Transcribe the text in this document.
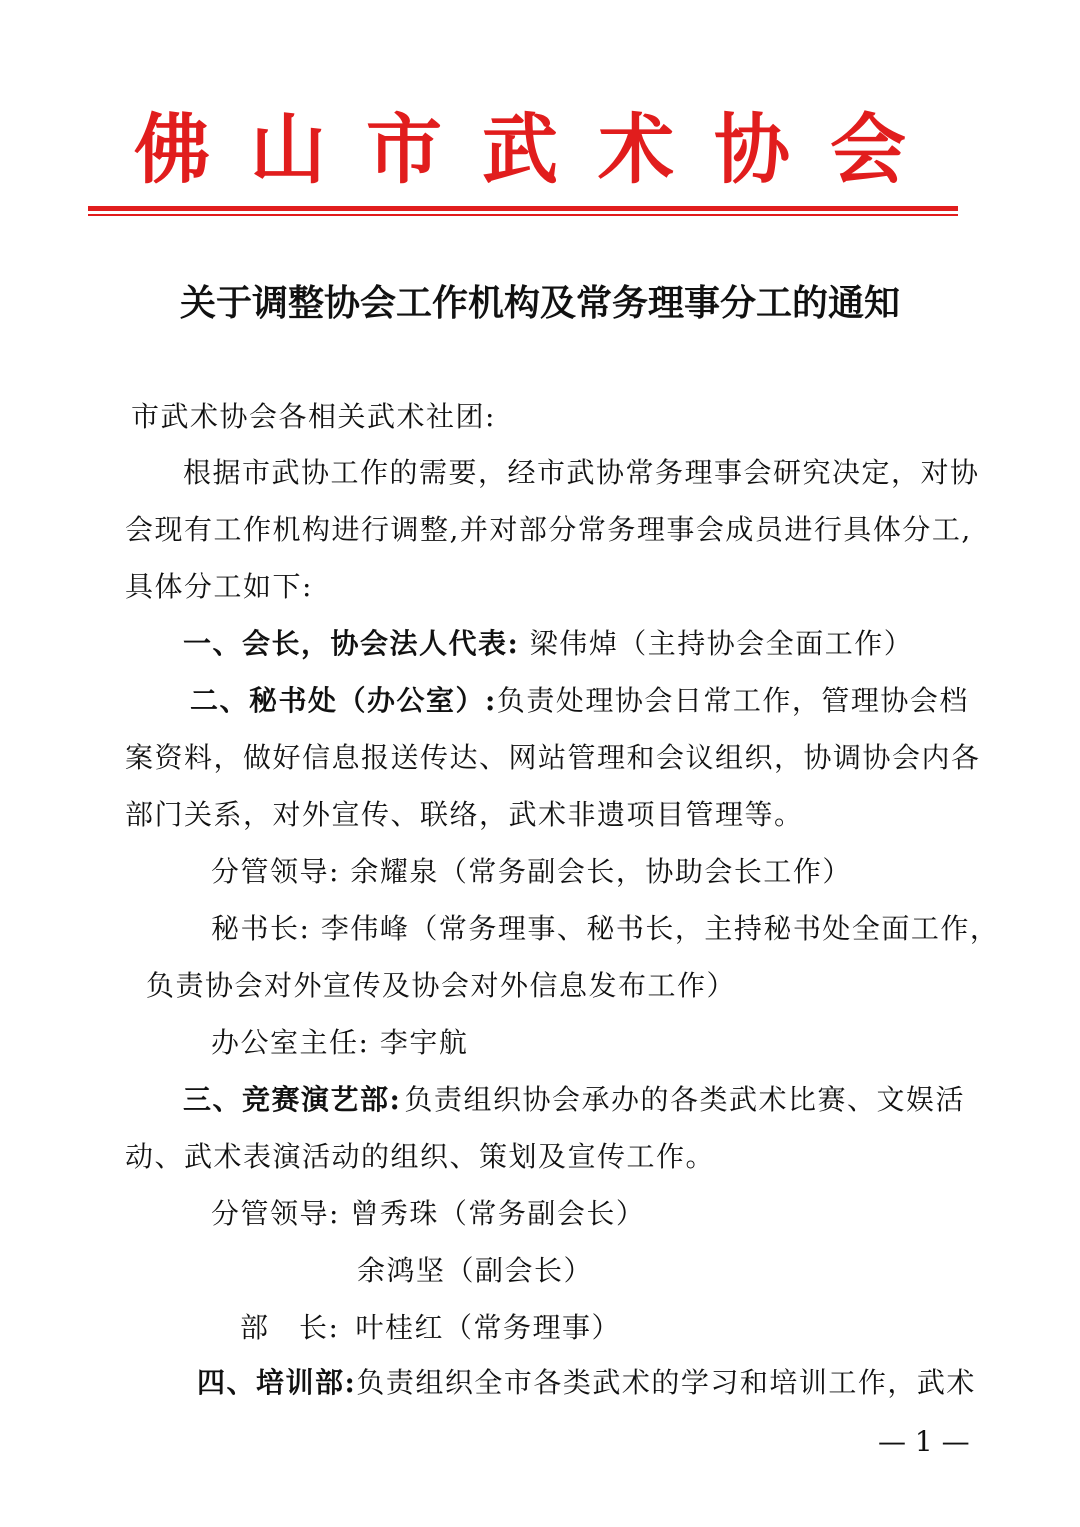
佛山市武术协会
关于调整协会工作机构及常务理事分工的通知
市武术协会各相关武术社团:
根据市武协工作的需要，经市武协常务理事会研究决定，对协
会现有工作机构进行调整,并对部分常务理事会成员进行具体分工,
具体分工如下:
一、会长，协会法人代表: 梁伟焯（主持协会全面工作）
二、秘书处（办公室）: 负责处理协会日常工作，管理协会档
案资料，做好信息报送传达、网站管理和会议组织，协调协会内各
部门关系，对外宣传、联络，武术非遗项目管理等。
分管领导: 余耀泉（常务副会长，协助会长工作）
秘书长: 李伟峰（常务理事、秘书长，主持秘书处全面工作，
负责协会对外宣传及协会对外信息发布工作）
办公室主任: 李宇航
三、竞赛演艺部: 负责组织协会承办的各类武术比赛、文娱活
动、武术表演活动的组织、策划及宣传工作。
分管领导: 曾秀珠（常务副会长）
余鸿坚（副会长）
部　长: 叶桂红（常务理事）
四、培训部: 负责组织全市各类武术的学习和培训工作，武术
— 1 —
